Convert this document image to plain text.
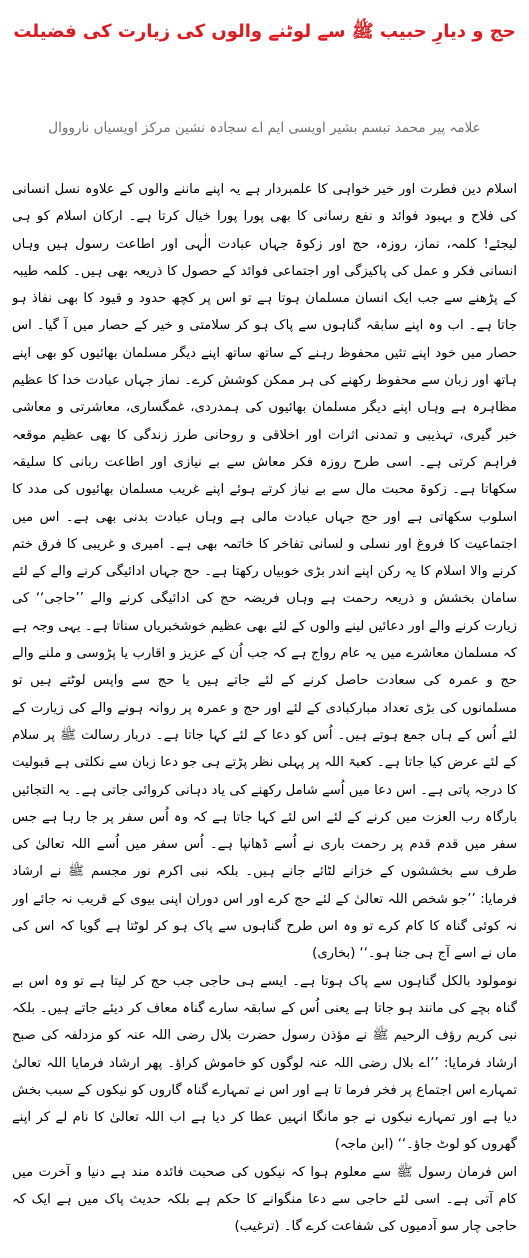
حج و دیارِ حبیب ﷺ سے لوٹنے والوں کی زیارت کی فضیلت
علامہ پیر محمد تبسم بشیر اویسی ایم اے سجادہ نشین مرکز اویسیاں نارووال

اسلام دین فطرت اور خیر خواہی کا علمبردار ہے یہ اپنے ماننے والوں کے علاوہ نسل انسانی کی فلاح و بہبود فوائد و نفع رسانی کا بھی پورا پورا خیال کرتا ہے۔ ارکان اسلام کو ہی لیجئے! کلمہ، نماز، روزہ، حج اور زکوۃ جہاں عبادت الٰہی اور اطاعت رسول ہیں وہاں انسانی فکر و عمل کی پاکیزگی اور اجتماعی فوائد کے حصول کا ذریعہ بھی ہیں۔ کلمہ طیبہ کے پڑھنے سے جب ایک انسان مسلمان ہوتا ہے تو اس پر کچھ حدود و قیود کا بھی نفاذ ہو جاتا ہے۔ اب وہ اپنے سابقہ گناہوں سے پاک ہو کر سلامتی و خیر کے حصار میں آ گیا۔ اس حصار میں خود اپنے تئیں محفوظ رہنے کے ساتھ ساتھ اپنے دیگر مسلمان بھائیوں کو بھی اپنے ہاتھ اور زبان سے محفوظ رکھنے کی ہر ممکن کوشش کرے۔ نماز جہاں عبادت خدا کا عظیم مظاہرہ ہے وہاں اپنے دیگر مسلمان بھائیوں کی ہمدردی، غمگساری، معاشرتی و معاشی خبر گیری، تہذیبی و تمدنی اثرات اور اخلاقی و روحانی طرز زندگی کا بھی عظیم موقعہ فراہم کرتی ہے۔ اسی طرح روزہ فکر معاش سے بے نیازی اور اطاعت ربانی کا سلیقہ سکھاتا ہے۔ زکوۃ محبت مال سے بے نیاز کرتے ہوئے اپنے غریب مسلمان بھائیوں کی مدد کا اسلوب سکھاتی ہے اور حج جہاں عبادت مالی ہے وہاں عبادت بدنی بھی ہے۔ اس میں اجتماعیت کا فروغ اور نسلی و لسانی تفاخر کا خاتمہ بھی ہے۔ امیری و غریبی کا فرق ختم کرنے والا اسلام کا یہ رکن اپنے اندر بڑی خوبیاں رکھتا ہے۔ حج جہاں ادائیگی کرنے والے کے لئے سامان بخشش و ذریعہ رحمت ہے وہاں فریضہ حج کی ادائیگی کرنے والے ’’حاجی‘‘ کی زیارت کرنے والے اور دعائیں لینے والوں کے لئے بھی عظیم خوشخبریاں سناتا ہے۔ یہی وجہ ہے کہ مسلمان معاشرے میں یہ عام رواج ہے کہ جب اُن کے عزیز و اقارب یا پڑوسی و ملنے والے حج و عمرہ کی سعادت حاصل کرنے کے لئے جاتے ہیں یا حج سے واپس لوٹتے ہیں تو مسلمانوں کی بڑی تعداد مبارکبادی کے لئے اور حج و عمرہ پر روانہ ہونے والے کی زیارت کے لئے اُس کے ہاں جمع ہوتے ہیں۔ اُس کو دعا کے لئے کہا جاتا ہے۔ دربار رسالت ﷺ پر سلام کے لئے عرض کیا جاتا ہے۔ کعبۃ اللہ پر پہلی نظر پڑتے ہی جو دعا زبان سے نکلتی ہے قبولیت کا درجہ پاتی ہے۔ اس دعا میں اُسے شامل رکھنے کی یاد دہانی کروائی جاتی ہے۔ یہ التجائیں بارگاہ رب العزت میں کرنے کے لئے اس لئے کہا جاتا ہے کہ وہ اُس سفر پر جا رہا ہے جس سفر میں قدم قدم پر رحمت باری نے اُسے ڈھانپا ہے۔ اُس سفر میں اُسے اللہ تعالیٰ کی طرف سے بخششوں کے خزانے لٹائے جانے ہیں۔ بلکہ نبی اکرم نور مجسم ﷺ نے ارشاد فرمایا: ’’جو شخص اللہ تعالیٰ کے لئے حج کرے اور اس دوران اپنی بیوی کے قریب نہ جائے اور نہ کوئی گناہ کا کام کرے تو وہ اس طرح گناہوں سے پاک ہو کر لوٹتا ہے گویا کہ اس کی ماں نے اسے آج ہی جنا ہو۔‘‘ (بخاری)

نومولود بالکل گناہوں سے پاک ہوتا ہے۔ ایسے ہی حاجی جب حج کر لیتا ہے تو وہ اس بے گناہ بچے کی مانند ہو جاتا ہے یعنی اُس کے سابقہ سارے گناہ معاف کر دیئے جاتے ہیں۔ بلکہ نبی کریم رؤف الرحیم ﷺ نے مؤذن رسول حضرت بلال رضی اللہ عنہ کو مزدلفہ کی صبح ارشاد فرمایا: ’’اے بلال رضی اللہ عنہ لوگوں کو خاموش کراؤ۔ پھر ارشاد فرمایا اللہ تعالیٰ تمہارے اس اجتماع پر فخر فرما تا ہے اور اس نے تمہارے گناہ گاروں کو نیکوں کے سبب بخش دیا ہے اور تمہارے نیکوں نے جو مانگا انہیں عطا کر دیا ہے اب اللہ تعالیٰ کا نام لے کر اپنے گھروں کو لوٹ جاؤ۔‘‘ (ابن ماجہ)

اس فرمان رسول ﷺ سے معلوم ہوا کہ نیکوں کی صحبت فائدہ مند ہے دنیا و آخرت میں کام آتی ہے۔ اسی لئے حاجی سے دعا منگوانے کا حکم ہے بلکہ حدیث پاک میں ہے ایک کہ حاجی چار سو آدمیوں کی شفاعت کرے گا۔ (ترغیب)
